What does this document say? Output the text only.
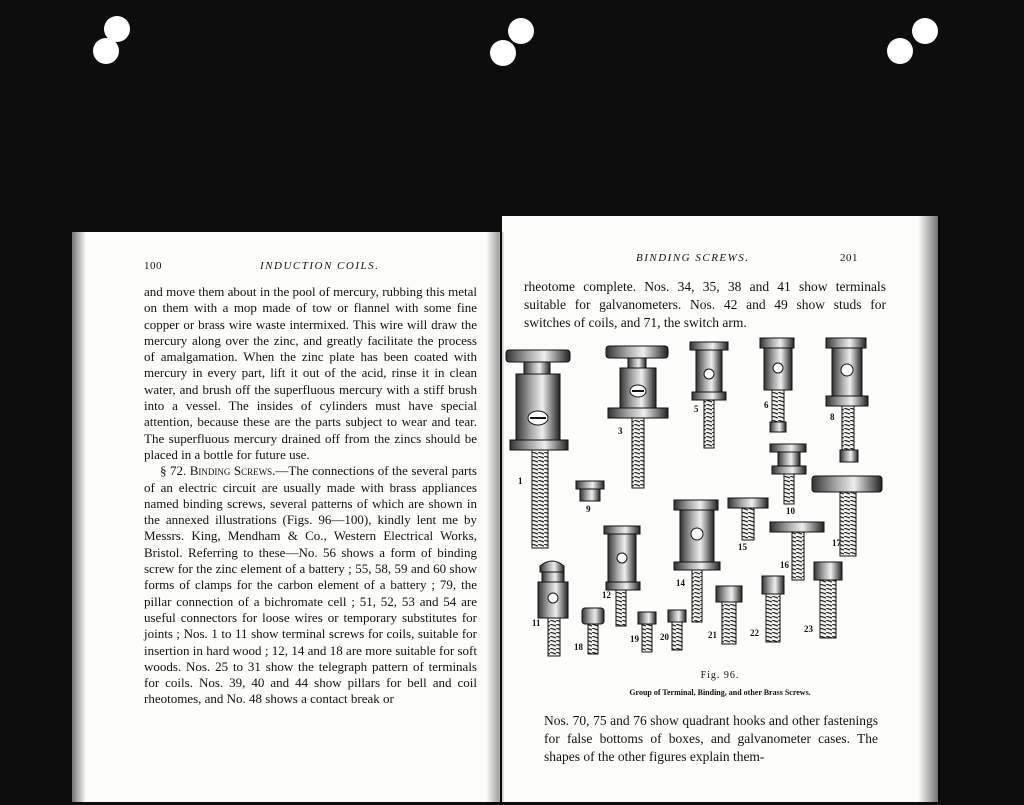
100	INDUCTION COILS.

and move them about in the pool of mercury, rubbing this metal on them with a mop made of tow or flannel with some fine copper or brass wire waste intermixed. This wire will draw the mercury along over the zinc, and greatly facilitate the process of amalgamation. When the zinc plate has been coated with mercury in every part, lift it out of the acid, rinse it in clean water, and brush off the superfluous mercury with a stiff brush into a vessel. The insides of cylinders must have special attention, because these are the parts subject to wear and tear. The superfluous mercury drained off from the zincs should be placed in a bottle for future use.

§ 72. Binding Screws.—The connections of the several parts of an electric circuit are usually made with brass appliances named binding screws, several patterns of which are shown in the annexed illustrations (Figs. 96—100), kindly lent me by Messrs. King, Mendham & Co., Western Electrical Works, Bristol. Referring to these—No. 56 shows a form of binding screw for the zinc element of a battery ; 55, 58, 59 and 60 show forms of clamps for the carbon element of a battery ; 79, the pillar connection of a bichromate cell ; 51, 52, 53 and 54 are useful connectors for loose wires or temporary substitutes for joints ; Nos. 1 to 11 show terminal screws for coils, suitable for insertion in hard wood ; 12, 14 and 18 are more suitable for soft woods. Nos. 25 to 31 show the telegraph pattern of terminals for coils. Nos. 39, 40 and 44 show pillars for bell and coil rheotomes, and No. 48 shows a contact break or

BINDING SCREWS.	201

rheotome complete. Nos. 34, 35, 38 and 41 show terminals suitable for galvanometers. Nos. 42 and 49 show studs for switches of coils, and 71, the switch arm.

1
3
5	6
8
9	10
15	17
14
12
16
11
18
19 20	21	22	23
Fig. 96.
Group of Terminal, Binding, and other Brass Screws.

Nos. 70, 75 and 76 show quadrant hooks and other fastenings for false bottoms of boxes, and galvanometer cases. The shapes of the other figures explain them-
